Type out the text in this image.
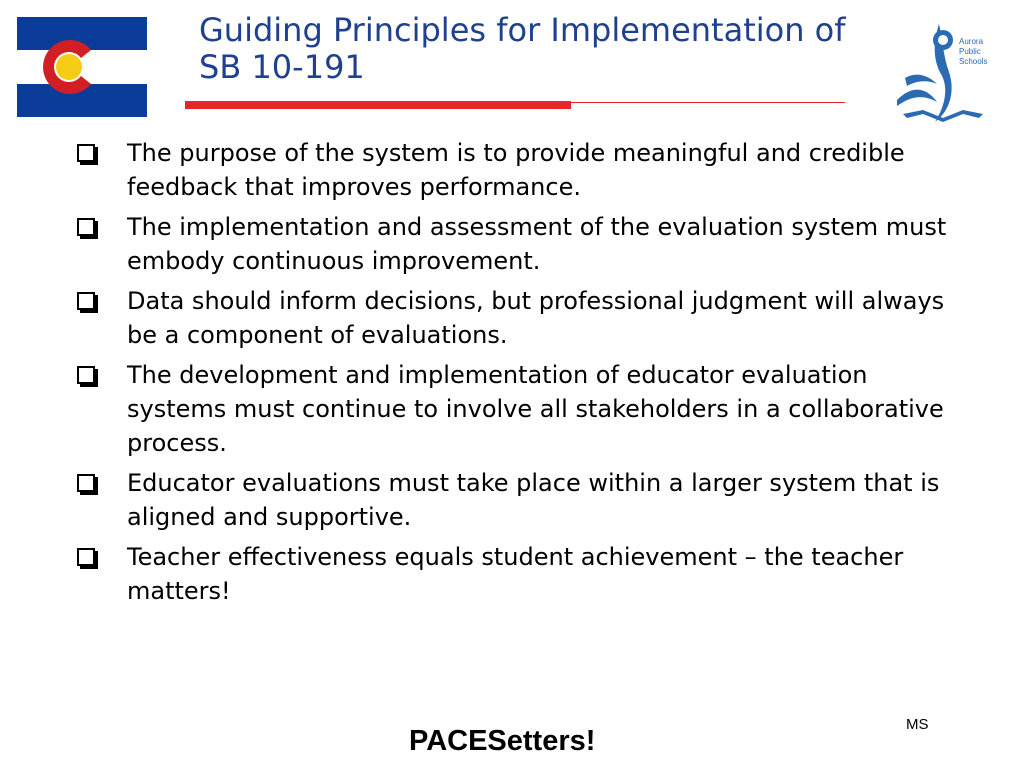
Guiding Principles for Implementation of
SB 10-191
Aurora
Public
Schools
The purpose of the system is to provide meaningful and credible feedback that improves performance.
The implementation and assessment of the evaluation system must embody continuous improvement.
Data should inform decisions, but professional judgment will always be a component of evaluations.
The development and implementation of educator evaluation systems must continue to involve all stakeholders in a collaborative process.
Educator evaluations must take place within a larger system that is aligned and supportive.
Teacher effectiveness equals student achievement – the teacher matters!
MS
PACESetters!
